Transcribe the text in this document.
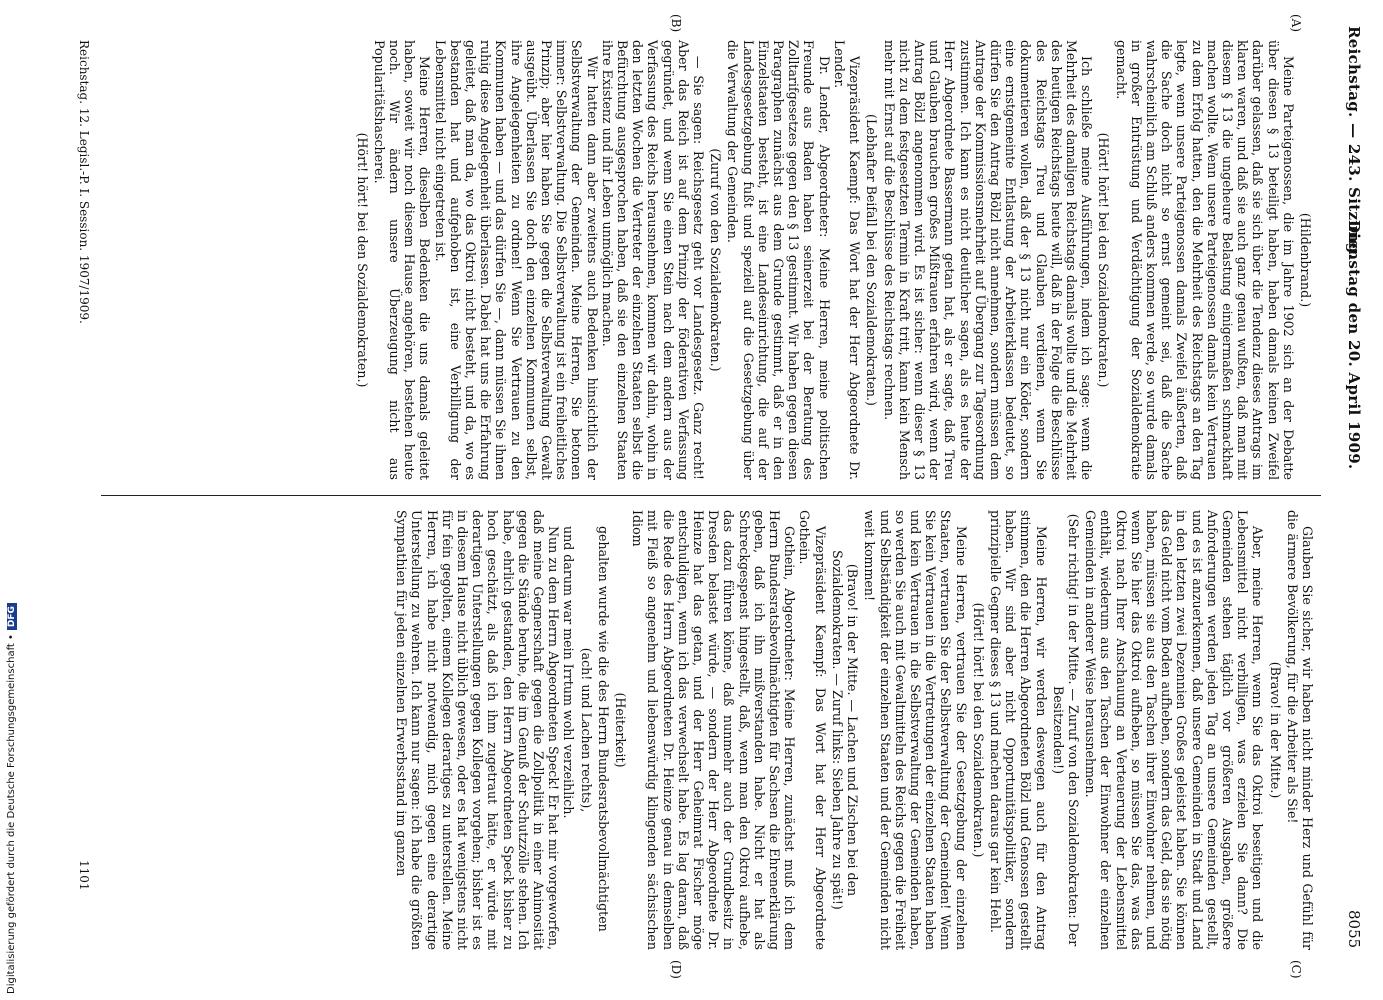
Reichstag. — 243. Sitzung.
Dienstag den 20. April 1909.
8055
(A)
(B)
(C)
(D)

(Hildenbrand.)

Meine Parteigenossen, die im Jahre 1902 sich an der Debatte über diesen § 13 beteiligt haben, haben damals keinen Zweifel darüber gelassen, daß sie sich über die Tendenz dieses Antrags im klaren waren, und daß sie auch ganz genau wußten, daß man mit diesem § 13 die ungeheure Belastung einigermaßen schmackhaft machen wollte. Wenn unsere Parteigenossen damals kein Vertrauen zu dem Erfolg hatten, den die Mehrheit des Reichstags an den Tag legte, wenn unsere Parteigenossen damals Zweifel äußerten, daß die Sache doch nicht so ernst gemeint sei, daß die Sache wahrscheinlich am Schluß anders kommen werde, so wurde damals in großer Entrüstung und Verdächtigung der Sozialdemokratie gemacht.

(Hört! hört! bei den Sozialdemokraten.)

Ich schließe meine Ausführungen, indem ich sage: wenn die Mehrheit des damaligen Reichstags damals wollte und die Mehrheit des heutigen Reichstags heute will, daß in der Folge die Beschlüsse des Reichstags Treu und Glauben verdienen, wenn Sie dokumentieren wollen, daß der § 13 nicht nur ein Köder, sondern eine ernstgemeinte Entlastung der Arbeiterklassen bedeutet, so dürfen Sie den Antrag Bölzl nicht annehmen, sondern müssen dem Antrage der Kommissionsmehrheit auf Übergang zur Tagesordnung zustimmen. Ich kann es nicht deutlicher sagen, als es heute der Herr Abgeordnete Bassermann getan hat, als er sagte, daß Treu und Glauben brauchen großes Mißtrauen erfahren wird, wenn der Antrag Bölzl angenommen wird. Es ist sicher: wenn dieser § 13 nicht zu dem festgesetzten Termin in Kraft tritt, kann kein Mensch mehr mit Ernst auf die Beschlüsse des Reichstags rechnen.

(Lebhafter Beifall bei den Sozialdemokraten.)

Vizepräsident Kaempf: Das Wort hat der Herr Abgeordnete Dr. Lender.

Dr. Lender, Abgeordneter: Meine Herren, meine politischen Freunde aus Baden haben seinerzeit bei der Beratung des Zolltarifgesetzes gegen den § 13 gestimmt. Wir haben gegen diesen Paragraphen zunächst aus dem Grunde gestimmt, daß er in den Einzelstaaten besteht, ist eine Landeseinrichtung, die auf der Landesgesetzgebung fußt und speziell auf die Gesetzgebung über die Verwaltung der Gemeinden.

(Zuruf von den Sozialdemokraten.)

— Sie sagen: Reichsgesetz geht vor Landesgesetz. Ganz recht! Aber das Reich ist auf dem Prinzip der föderativen Verfassung gegründet, und wenn Sie einen Stein nach dem andern aus der Verfassung des Reichs herausnehmen, kommen wir dahin, wohin in den letzten Wochen die Vertreter der einzelnen Staaten selbst die Befürchtung ausgesprochen haben, daß sie den einzelnen Staaten ihre Existenz und ihr Leben unmöglich machen.

Wir hatten dann aber zweitens auch Bedenken hinsichtlich der Selbstverwaltung der Gemeinden. Meine Herren, Sie betonen immer: Selbstverwaltung. Die Selbstverwaltung ist ein freiheitliches Prinzip; aber hier haben Sie gegen die Selbstverwaltung Gewalt ausgeübt. Überlassen Sie doch den einzelnen Kommunen selbst, ihre Angelegenheiten zu ordnen! Wenn Sie Vertrauen zu den Kommunen haben — und das dürfen Sie —, dann müssen Sie ihnen ruhig diese Angelegenheit überlassen. Dabei hat uns die Erfahrung geleitet, daß man da, wo das Oktroi nicht besteht, und da, wo es bestanden hat und aufgehoben ist, eine Verbilligung der Lebensmittel nicht eingetreten ist.

Meine Herren, dieselben Bedenken die uns damals geleitet haben, soweit wir noch diesem Hause angehören, bestehen heute noch. Wir ändern unsere Überzeugung nicht aus Popularitätshascherei.

(Hört! hört! bei den Sozialdemokraten.)

Glauben Sie sicher, wir haben nicht minder Herz und Gefühl für die ärmere Bevölkerung, für die Arbeiter als Sie!

(Bravo! in der Mitte.)

Aber, meine Herren, wenn Sie das Oktroi beseitigen und die Lebensmittel nicht verbilligen, was erzielen Sie dann? Die Gemeinden stehen täglich vor größeren Ausgaben, größere Anforderungen werden jeden Tag an unsere Gemeinden gestellt, und es ist anzuerkennen, daß unsere Gemeinden in Stadt und Land in den letzten zwei Dezennien Großes geleistet haben. Sie können das Geld nicht vom Boden aufheben, sondern das Geld, das sie nötig haben, müssen sie aus den Taschen ihrer Einwohner nehmen, und wenn Sie hier das Oktroi aufheben, so müssen Sie das, was das Oktroi nach Ihrer Anschauung an Verteuerung der Lebensmittel enthält, wiederum aus den Taschen der Einwohner der einzelnen Gemeinden in anderer Weise herausnehmen.

(Sehr richtig! in der Mitte. — Zuruf von den Sozialdemokraten: Der Besitzenden!)

Meine Herren, wir werden deswegen auch für den Antrag stimmen, den die Herren Abgeordneten Bölzl und Genossen gestellt haben. Wir sind aber nicht Opportunitätspolitiker, sondern prinzipielle Gegner dieses § 13 und machen daraus gar kein Hehl.

(Hört! hört! bei den Sozialdemokraten.)

Meine Herren, vertrauen Sie der Gesetzgebung der einzelnen Staaten, vertrauen Sie der Selbstverwaltung der Gemeinden! Wenn Sie kein Vertrauen in die Vertretungen der einzelnen Staaten haben und kein Vertrauen in die Selbstverwaltung der Gemeinden haben, so werden Sie auch mit Gewaltmitteln des Reichs gegen die Freiheit und Selbständigkeit der einzelnen Staaten und der Gemeinden nicht weit kommen!

(Bravo! in der Mitte. — Lachen und Zischen bei den Sozialdemokraten. — Zuruf links: Sieben Jahre zu spät!)

Vizepräsident Kaempf: Das Wort hat der Herr Abgeordnete Gothein.

Gothein, Abgeordneter: Meine Herren, zunächst muß ich dem Herrn Bundesratsbevollmächtigten für Sachsen die Ehrenerklärung geben, daß ich ihn mißverstanden habe. Nicht er hat als Schreckgespenst hingestellt, daß, wenn man den Oktroi aufhebe, das dazu führen könne, daß nunmehr auch der Grundbesitz in Dresden belastet würde, — sondern der Herr Abgeordnete Dr. Heinze hat das getan, und der Herr Geheimrat Fischer möge entschuldigen, wenn ich das verwechselt habe. Es lag daran, daß die Rede des Herrn Abgeordneten Dr. Heinze genau in demselben mit Fleiß so angenehm und liebenswürdig klingenden sächsischen Idiom

(Heiterkeit)

gehalten wurde wie die des Herrn Bundesratsbevollmächtigten

(ach! und Lachen rechts),

und darum war mein Irrtum wohl verzeihlich.

Nun zu dem Herrn Abgeordneten Speck! Er hat mir vorgeworfen, daß meine Gegnerschaft gegen die Zollpolitik in einer Animosität gegen die Stände beruhe, die im Genuß der Schutzzölle stehen. Ich habe, ehrlich gestanden, den Herrn Abgeordneten Speck bisher zu hoch geschätzt, als daß ich ihm zugetraut hätte, er würde mit derartigen Unterstellungen gegen Kollegen vorgehen; bisher ist es in diesem Hause nicht üblich gewesen, oder es hat wenigstens nicht für fein gegolten, einem Kollegen derartiges zu unterstellen. Meine Herren, ich habe nicht notwendig, mich gegen eine derartige Unterstellung zu wehren. Ich kann nur sagen: ich habe die größten Sympathien für jeden einzelnen Erwerbsstand im ganzen

Reichstag. 12. Legisl.-P. I. Session. 1907/1909.
1101
Digitalisierung gefördert durch die Deutsche Forschungsgemeinschaft •DFG
